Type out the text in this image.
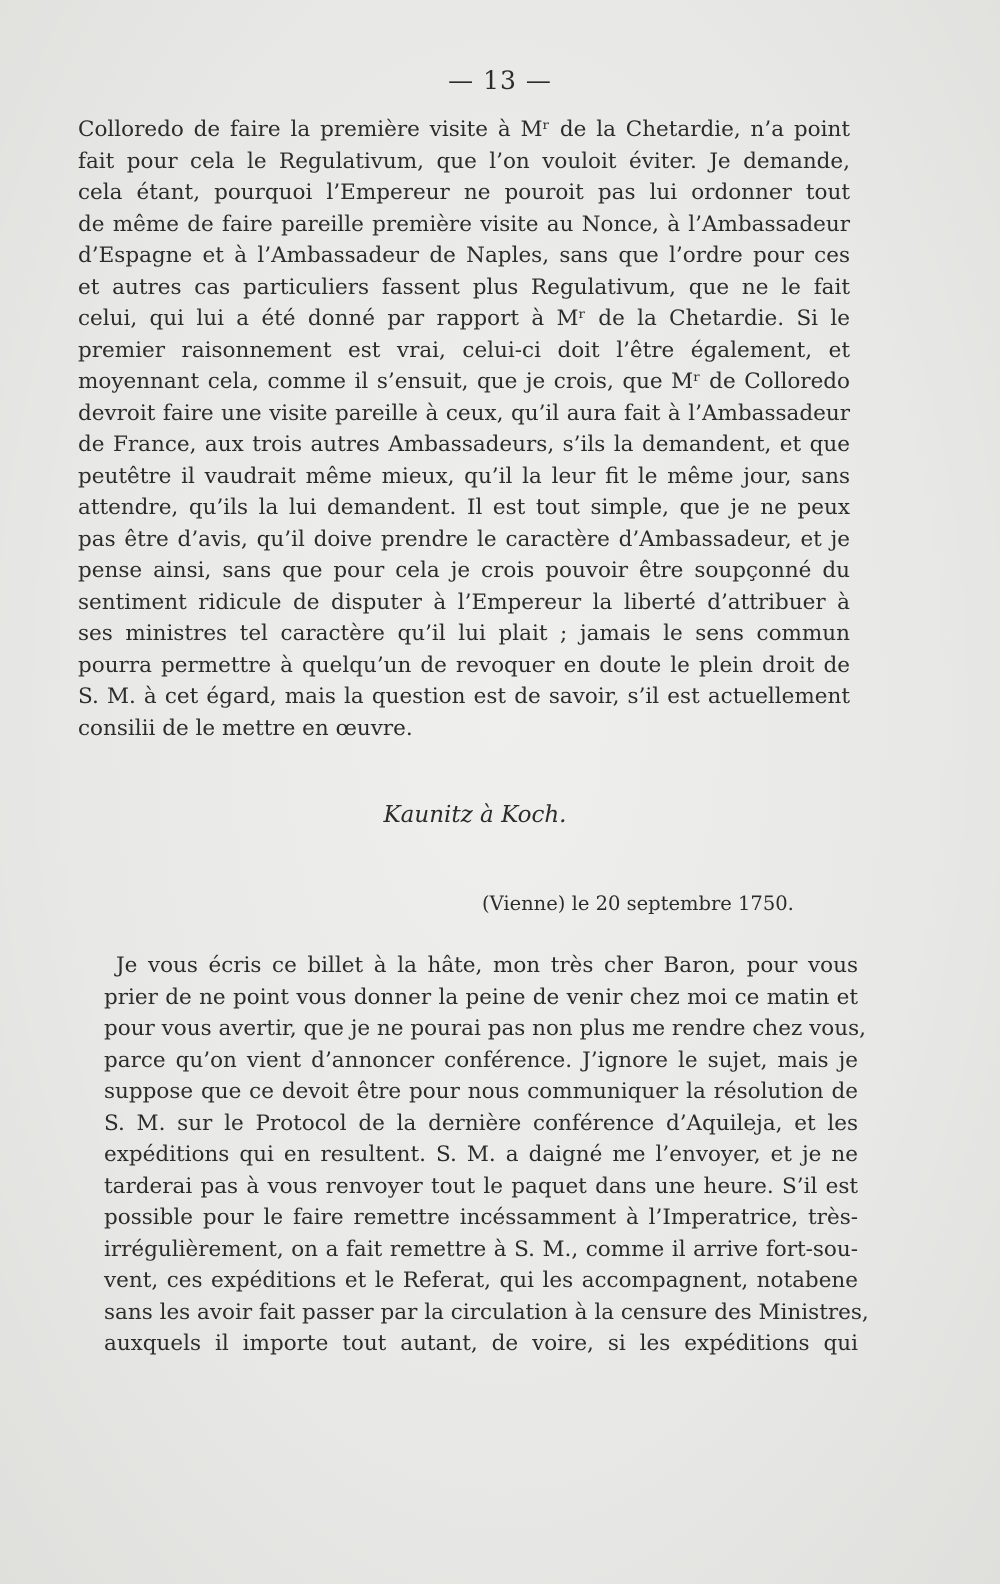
— 13 —
Colloredo de faire la première visite à Mʳ de la Chetardie, n’a point
fait pour cela le Regulativum, que l’on vouloit éviter. Je demande,
cela étant, pourquoi l’Empereur ne pouroit pas lui ordonner tout
de même de faire pareille première visite au Nonce, à l’Ambassadeur
d’Espagne et à l’Ambassadeur de Naples, sans que l’ordre pour ces
et autres cas particuliers fassent plus Regulativum, que ne le fait
celui, qui lui a été donné par rapport à Mʳ de la Chetardie. Si le
premier raisonnement est vrai, celui-ci doit l’être également, et
moyennant cela, comme il s’ensuit, que je crois, que Mʳ de Colloredo
devroit faire une visite pareille à ceux, qu’il aura fait à l’Ambassadeur
de France, aux trois autres Ambassadeurs, s’ils la demandent, et que
peutêtre il vaudrait même mieux, qu’il la leur fit le même jour, sans
attendre, qu’ils la lui demandent. Il est tout simple, que je ne peux
pas être d’avis, qu’il doive prendre le caractère d’Ambassadeur, et je
pense ainsi, sans que pour cela je crois pouvoir être soupçonné du
sentiment ridicule de disputer à l’Empereur la liberté d’attribuer à
ses ministres tel caractère qu’il lui plait ; jamais le sens commun
pourra permettre à quelqu’un de revoquer en doute le plein droit de
S. M. à cet égard, mais la question est de savoir, s’il est actuellement
consilii de le mettre en œuvre.
Kaunitz à Koch.
(Vienne) le 20 septembre 1750.
Je vous écris ce billet à la hâte, mon très cher Baron, pour vous
prier de ne point vous donner la peine de venir chez moi ce matin et
pour vous avertir, que je ne pourai pas non plus me rendre chez vous,
parce qu’on vient d’annoncer conférence. J’ignore le sujet, mais je
suppose que ce devoit être pour nous communiquer la résolution de
S. M. sur le Protocol de la dernière conférence d’Aquileja, et les
expéditions qui en resultent. S. M. a daigné me l’envoyer, et je ne
tarderai pas à vous renvoyer tout le paquet dans une heure. S’il est
possible pour le faire remettre incéssamment à l’Imperatrice, très-
irrégulièrement, on a fait remettre à S. M., comme il arrive fort-sou-
vent, ces expéditions et le Referat, qui les accompagnent, notabene
sans les avoir fait passer par la circulation à la censure des Ministres,
auxquels il importe tout autant, de voire, si les expéditions qui
